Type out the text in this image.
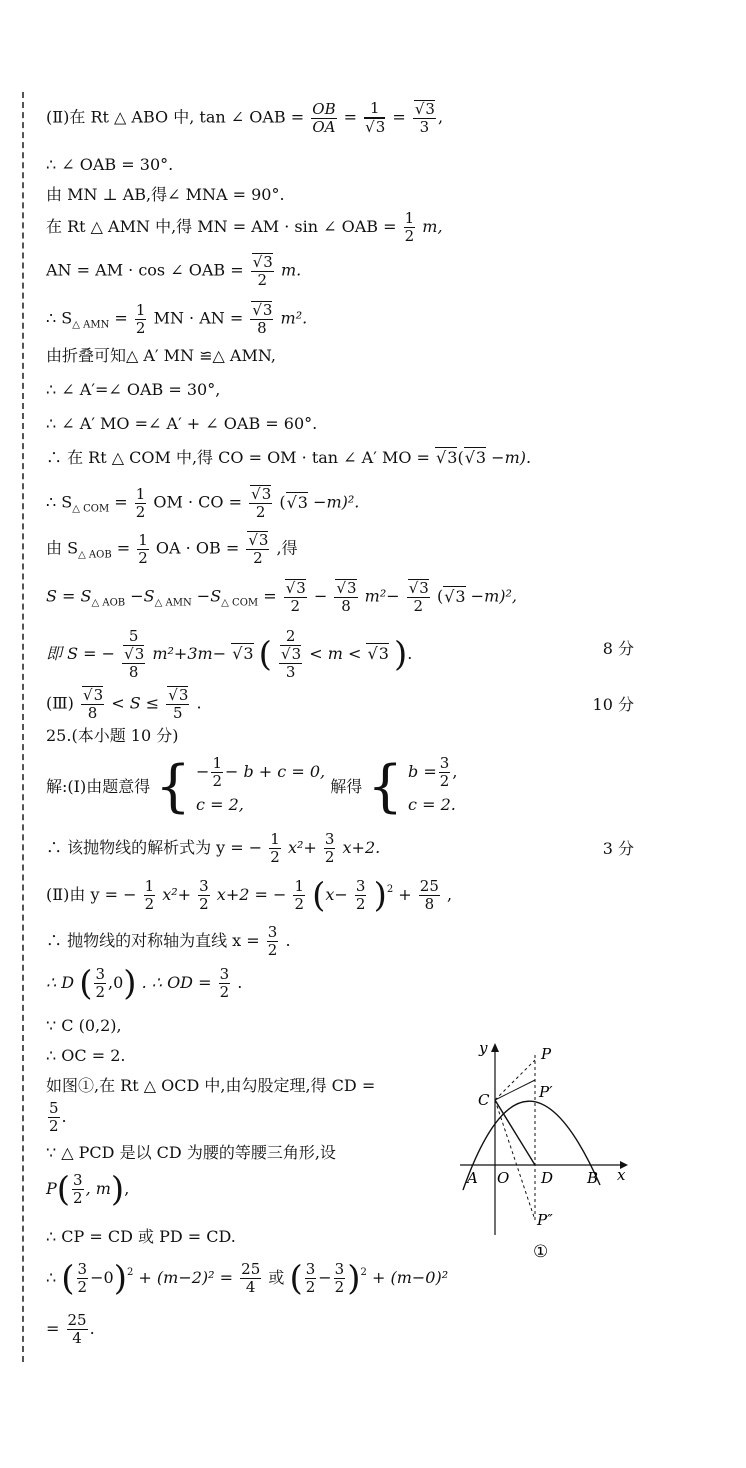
(Ⅱ)在 Rt △ ABO 中, tan ∠ OAB = $\frac{OB}{OA} = 1$
√ 3 = √ $\frac{3}{3}$ ,
∴ ∠ OAB = 30°.
由 MN ⊥ AB,得∠ MNA = 90°.
在 Rt △ AMN 中,得 MN = AM · sin ∠ OAB = $\frac{1}{2} m$,
AN = AM · cos ∠ OAB = √ $\frac{3}{2} m$.
∴ $S_{\triangle AMN} = \frac{1}{2}$ MN · AN = √ $\frac{3}{8} m^2$.
由折叠可知△ A′ MN ≌△ AMN,
∴ ∠ A′=∠ OAB = 30°,
∴ ∠ A′ MO =∠ A′ + ∠ OAB = 60°.
∴ 在 Rt △ COM 中,得 CO = OM · tan ∠ A′ MO = √ 3( √ 3 −m).
∴ $S_{\triangle COM} = \frac{1}{2}$ OM · CO = √ $\frac{3}{2}$ ( √ 3 −m)².
由 $S_{\triangle AOB} = \frac{1}{2}$ OA · OB = √ $\frac{3}{2}$ ,得
$S = S_{\triangle AOB} -S_{\triangle AMN} -S_{\triangle COM}$ = √ $\frac{3}{2}$ − √ $\frac{3}{8} m^2-$ √ $\frac{3}{2}$ ( √ 3 −m)²,
即 S = − 5
√ 3
8 m²+3m− √ 3 ( 2
√ 3
3 < m < √ 3 ).	8 分
(Ⅲ) √ $\frac{3}{8} < S$ ≤ √ $\frac{3}{5}$ .	10 分
25.(本小题 10 分)
解:(Ⅰ)由题意得 { − $\frac{1}{2} - b + c = 0$,
c = 2,
解得 { $b = \frac{3}{2}$ ,
c = 2.
∴ 该抛物线的解析式为 y = − $\frac{1}{2} x^2+ \frac{3}{2} x+2$.	3 分
(Ⅱ)由 y = − $\frac{1}{2} x^2+ \frac{3}{2} x+2$ = − $\frac{1}{2} (x- \frac{3}{2} )^2 + \frac{25}{8}$ ,
∴ 抛物线的对称轴为直线 $x = \frac{3}{2}$ .
∴ D ( $\frac{3}{2} ,0$) . ∴ OD = $\frac{3}{2}$ .
∵ C (0,2),
∴ OC = 2.
如图①,在 Rt △ OCD 中,由勾股定理,得 CD =
$\frac{5}{2}$ .
∵ △ PCD 是以 CD 为腰的等腰三角形,设
$P( \frac{3}{2}$ , m),
∴ CP = CD 或 PD = CD.
∴ ( $\frac{3}{2} -0)^2 + (m-2)^2 = \frac{25}{4}$ 或 ( $\frac{3}{2} - \frac{3}{2} )^2 + (m-0)^2$
= $\frac{25}{4}$ .
y	P
P′
C
A O D B x
P″
①
